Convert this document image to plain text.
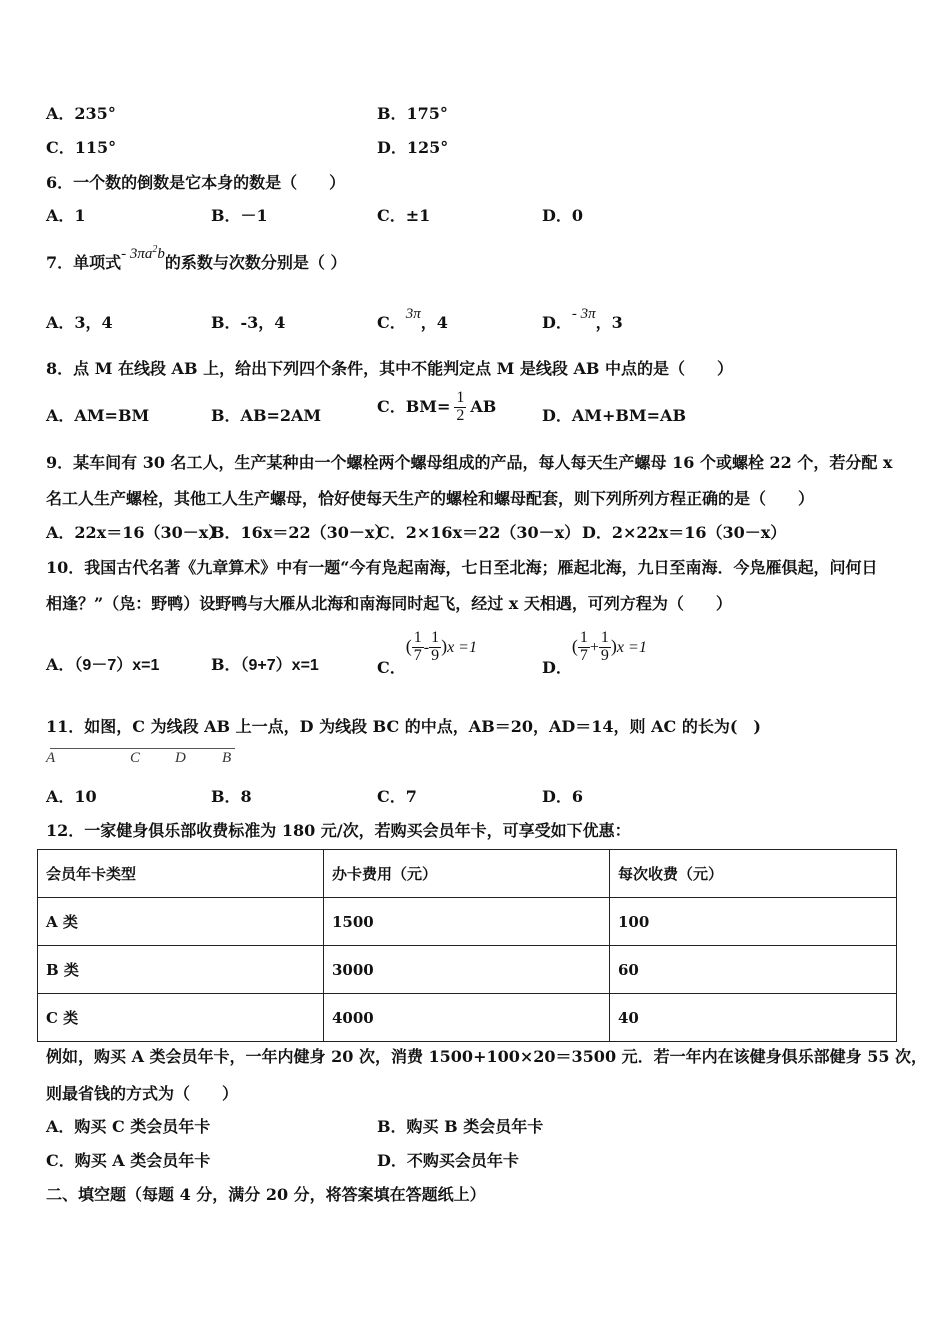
A．235°	B．175°
C．115°	D．125°
6．一个数的倒数是它本身的数是（　　）
A．1	B．－1	C．±1	D．0
7．单项式- $3\pi a^2b$的系数与次数分别是（ ）
A．3，4	B．-3，4	C．3π，4	D．- 3π，3
8．点 M 在线段 AB 上，给出下列四个条件，其中不能判定点 M 是线段 AB 中点的是（　　）
A．AM=BM	B．AB=2AM	C．$BM= \frac{1}{2}$ AB	D．AM+BM=AB
9．某车间有 30 名工人，生产某种由一个螺栓两个螺母组成的产品，每人每天生产螺母 16 个或螺栓 22 个，若分配 x
名工人生产螺栓，其他工人生产螺母，恰好使每天生产的螺栓和螺母配套，则下列所列方程正确的是（　　）
A．22x＝16（30－x）
B．16x＝22（30－x）
C．2×16x＝22（30－x） D．2×22x＝16（30－x）
10．我国古代名著《九章算术》中有一题“今有凫起南海，七日至北海；雁起北海，九日至南海．今凫雁俱起，问何日
相逢？”（凫：野鸭）设野鸭与大雁从北海和南海同时起飞，经过 x 天相遇，可列方程为（　　）
A．（9－7）x=1	B．（9+7）x=1	C．( $\frac{1}{7} - \frac{1}{9} )x =1$
D．( $\frac{1}{7} + \frac{1}{9} )x =1$
11．如图，C 为线段 AB 上一点，D 为线段 BC 的中点，AB＝20，AD＝14，则 AC 的长为(　)
A	C D B
A．10	B．8	C．7	D．6
12．一家健身俱乐部收费标准为 180 元/次，若购买会员年卡，可享受如下优惠：
会员年卡类型	办卡费用（元）	每次收费（元）
A 类	1500	100
B 类	3000	60
C 类	4000	40
例如，购买 A 类会员年卡，一年内健身 20 次，消费 1500+100×20＝3500 元．若一年内在该健身俱乐部健身 55 次，
则最省钱的方式为（　　）
A．购买 C 类会员年卡	B．购买 B 类会员年卡
C．购买 A 类会员年卡	D．不购买会员年卡
二、填空题（每题 4 分，满分 20 分，将答案填在答题纸上）
